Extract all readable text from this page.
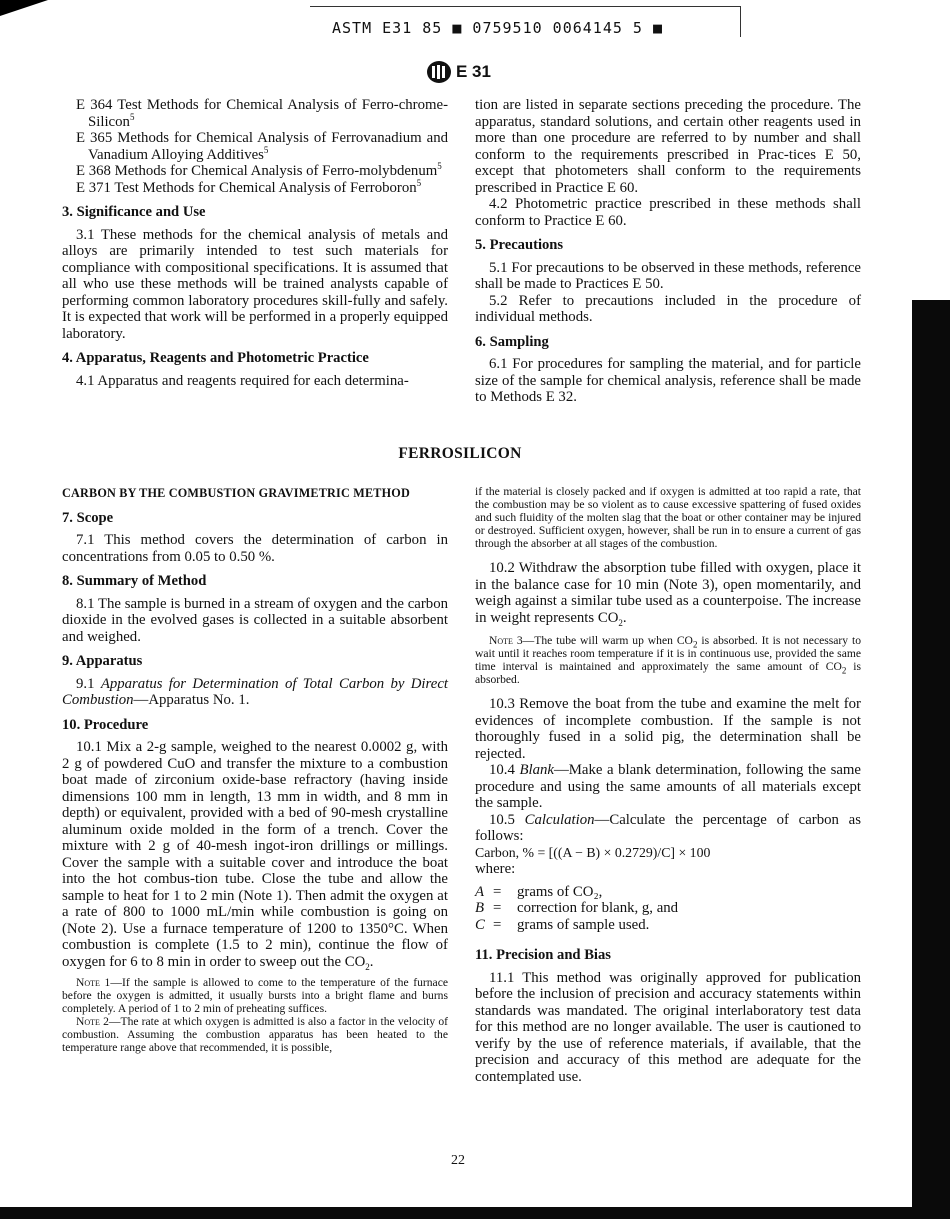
ASTM E31 85 ■ 0759510 0064145 5 ■
E 31

E 364 Test Methods for Chemical Analysis of Ferro-chrome-Silicon$^5$
E 365 Methods for Chemical Analysis of Ferrovanadium and Vanadium Alloying Additives$^5$
E 368 Methods for Chemical Analysis of Ferro-molybdenum$^5$
E 371 Test Methods for Chemical Analysis of Ferroboron$^5$

3. Significance and Use

3.1 These methods for the chemical analysis of metals and alloys are primarily intended to test such materials for compliance with compositional specifications. It is assumed that all who use these methods will be trained analysts capable of performing common laboratory procedures skill-fully and safely. It is expected that work will be performed in a properly equipped laboratory.

4. Apparatus, Reagents and Photometric Practice

4.1 Apparatus and reagents required for each determina-

tion are listed in separate sections preceding the procedure. The apparatus, standard solutions, and certain other reagents used in more than one procedure are referred to by number and shall conform to the requirements prescribed in Prac-tices E 50, except that photometers shall conform to the requirements prescribed in Practice E 60.

4.2 Photometric practice prescribed in these methods shall conform to Practice E 60.

5. Precautions

5.1 For precautions to be observed in these methods, reference shall be made to Practices E 50.

5.2 Refer to precautions included in the procedure of individual methods.

6. Sampling

6.1 For procedures for sampling the material, and for particle size of the sample for chemical analysis, reference shall be made to Methods E 32.

FERROSILICON

CARBON BY THE COMBUSTION GRAVIMETRIC METHOD

7. Scope

7.1 This method covers the determination of carbon in concentrations from 0.05 to 0.50 %.

8. Summary of Method

8.1 The sample is burned in a stream of oxygen and the carbon dioxide in the evolved gases is collected in a suitable absorbent and weighed.

9. Apparatus

9.1 Apparatus for Determination of Total Carbon by Direct Combustion—Apparatus No. 1.

10. Procedure

10.1 Mix a 2-g sample, weighed to the nearest 0.0002 g, with 2 g of powdered CuO and transfer the mixture to a combustion boat made of zirconium oxide-base refractory (having inside dimensions 100 mm in length, 13 mm in width, and 8 mm in depth) or equivalent, provided with a bed of 90-mesh crystalline aluminum oxide molded in the form of a trench. Cover the mixture with 2 g of 40-mesh ingot-iron drillings or millings. Cover the sample with a suitable cover and introduce the boat into the hot combus-tion tube. Close the tube and allow the sample to heat for 1 to 2 min (Note 1). Then admit the oxygen at a rate of 800 to 1000 mL/min while combustion is going on (Note 2). Use a furnace temperature of 1200 to 1350°C. When combustion is complete (1.5 to 2 min), continue the flow of oxygen for 6 to 8 min in order to sweep out the $CO_2$.

Note 1—If the sample is allowed to come to the temperature of the furnace before the oxygen is admitted, it usually bursts into a bright flame and burns completely. A period of 1 to 2 min of preheating suffices.

Note 2—The rate at which oxygen is admitted is also a factor in the velocity of combustion. Assuming the combustion apparatus has been heated to the temperature range above that recommended, it is possible,

if the material is closely packed and if oxygen is admitted at too rapid a rate, that the combustion may be so violent as to cause excessive spattering of fused oxides and such fluidity of the molten slag that the boat or other container may be injured or destroyed. Sufficient oxygen, however, shall be run in to ensure a current of gas through the absorber at all stages of the combustion.

10.2 Withdraw the absorption tube filled with oxygen, place it in the balance case for 10 min (Note 3), open momentarily, and weigh against a similar tube used as a counterpoise. The increase in weight represents $CO_2$.

Note 3—The tube will warm up when $CO_2$ is absorbed. It is not necessary to wait until it reaches room temperature if it is in continuous use, provided the same time interval is maintained and approximately the same amount of $CO_2$ is absorbed.

10.3 Remove the boat from the tube and examine the melt for evidences of incomplete combustion. If the sample is not thoroughly fused in a solid pig, the determination shall be rejected.

10.4 Blank—Make a blank determination, following the same procedure and using the same amounts of all materials except the sample.

10.5 Calculation—Calculate the percentage of carbon as follows:

Carbon, % = [((A − B) × 0.2729)/C] × 100

where:

A =	grams of CO₂,
B =	correction for blank, g, and
C =	grams of sample used.
11. Precision and Bias

11.1 This method was originally approved for publication before the inclusion of precision and accuracy statements within standards was mandated. The original interlaboratory test data for this method are no longer available. The user is cautioned to verify by the use of reference materials, if available, that the precision and accuracy of this method are adequate for the contemplated use.

22
